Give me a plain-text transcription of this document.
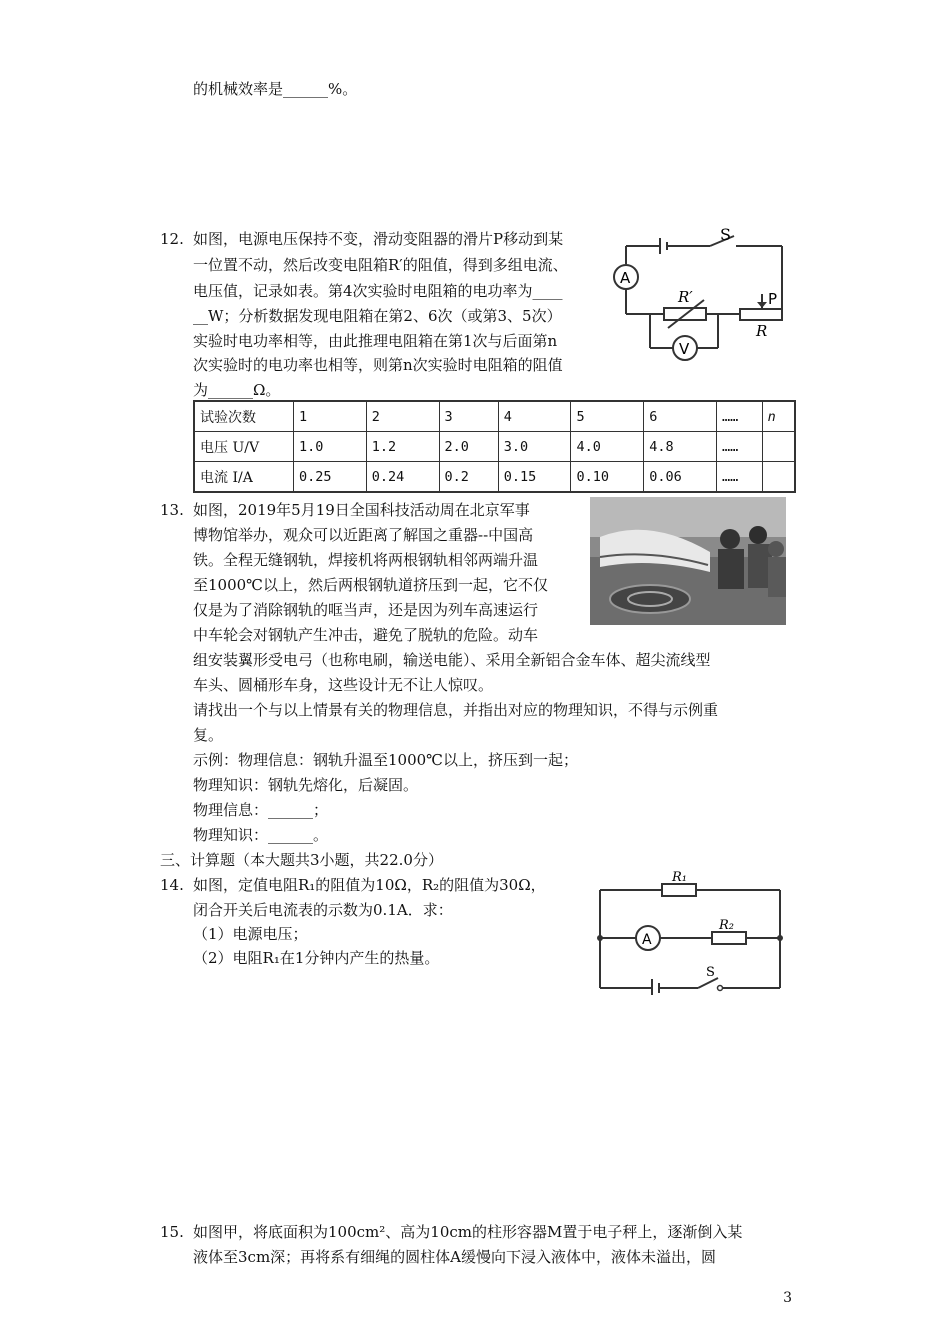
的机械效率是______%。
12. 如图，电源电压保持不变，滑动变阻器的滑片P移动到某
一位置不动，然后改变电阻箱R′的阻值，得到多组电流、
电压值，记录如表。第4次实验时电阻箱的电功率为____
__W；分析数据发现电阻箱在第2、6次（或第3、5次）
实验时电功率相等，由此推理电阻箱在第1次与后面第n
次实验时的电功率也相等，则第n次实验时电阻箱的阻值
为______Ω。
S
A
V
R′	P
R
试验次数	1	2	3	4	5	6	……	n
电压 U/V	1.0	1.2	2.0	3.0	4.0	4.8	……	
电流 I/A	0.25	0.24	0.2	0.15	0.10	0.06	……	
13. 如图，2019年5月19日全国科技活动周在北京军事
博物馆举办，观众可以近距离了解国之重器--中国高
铁。全程无缝钢轨，焊接机将两根钢轨相邻两端升温
至1000℃以上，然后两根钢轨道挤压到一起，它不仅
仅是为了消除钢轨的哐当声，还是因为列车高速运行
中车轮会对钢轨产生冲击，避免了脱轨的危险。动车
组安装翼形受电弓（也称电刷，输送电能）、采用全新铝合金车体、超尖流线型
车头、圆桶形车身，这些设计无不让人惊叹。
请找出一个与以上情景有关的物理信息，并指出对应的物理知识，不得与示例重
复。
示例：物理信息：钢轨升温至1000℃以上，挤压到一起；
物理知识：钢轨先熔化，后凝固。
物理信息：______；
物理知识：______。
三、计算题（本大题共3小题，共22.0分）
14. 如图，定值电阻R₁的阻值为10Ω，R₂的阻值为30Ω，
闭合开关后电流表的示数为0.1A．求：
（1）电源电压；
（2）电阻R₁在1分钟内产生的热量。
R₁
R₂
A
S
15. 如图甲，将底面积为100cm²、高为10cm的柱形容器M置于电子秤上，逐渐倒入某
液体至3cm深；再将系有细绳的圆柱体A缓慢向下浸入液体中，液体未溢出，圆
3
